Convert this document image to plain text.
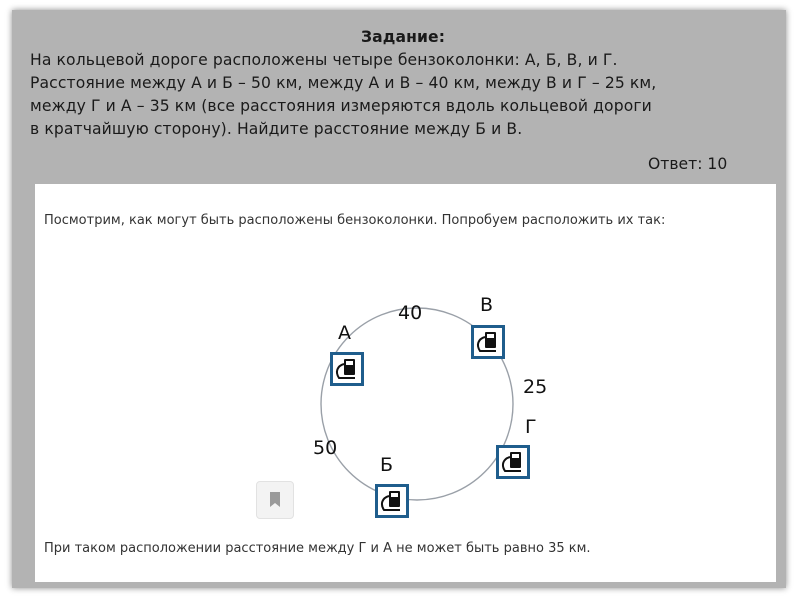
Задание:
На кольцевой дороге расположены четыре бензоколонки: А, Б, В, и Г.
Расстояние между А и Б – 50 км, между А и В – 40 км, между В и Г – 25 км,
между Г и А – 35 км (все расстояния измеряются вдоль кольцевой дороги
в кратчайшую сторону). Найдите расстояние между Б и В.
Ответ: 10
Посмотрим, как могут быть расположены бензоколонки. Попробуем расположить их так:
А
В
Г
Б
40
25
50
При таком расположении расстояние между Г и А не может быть равно 35 км.
